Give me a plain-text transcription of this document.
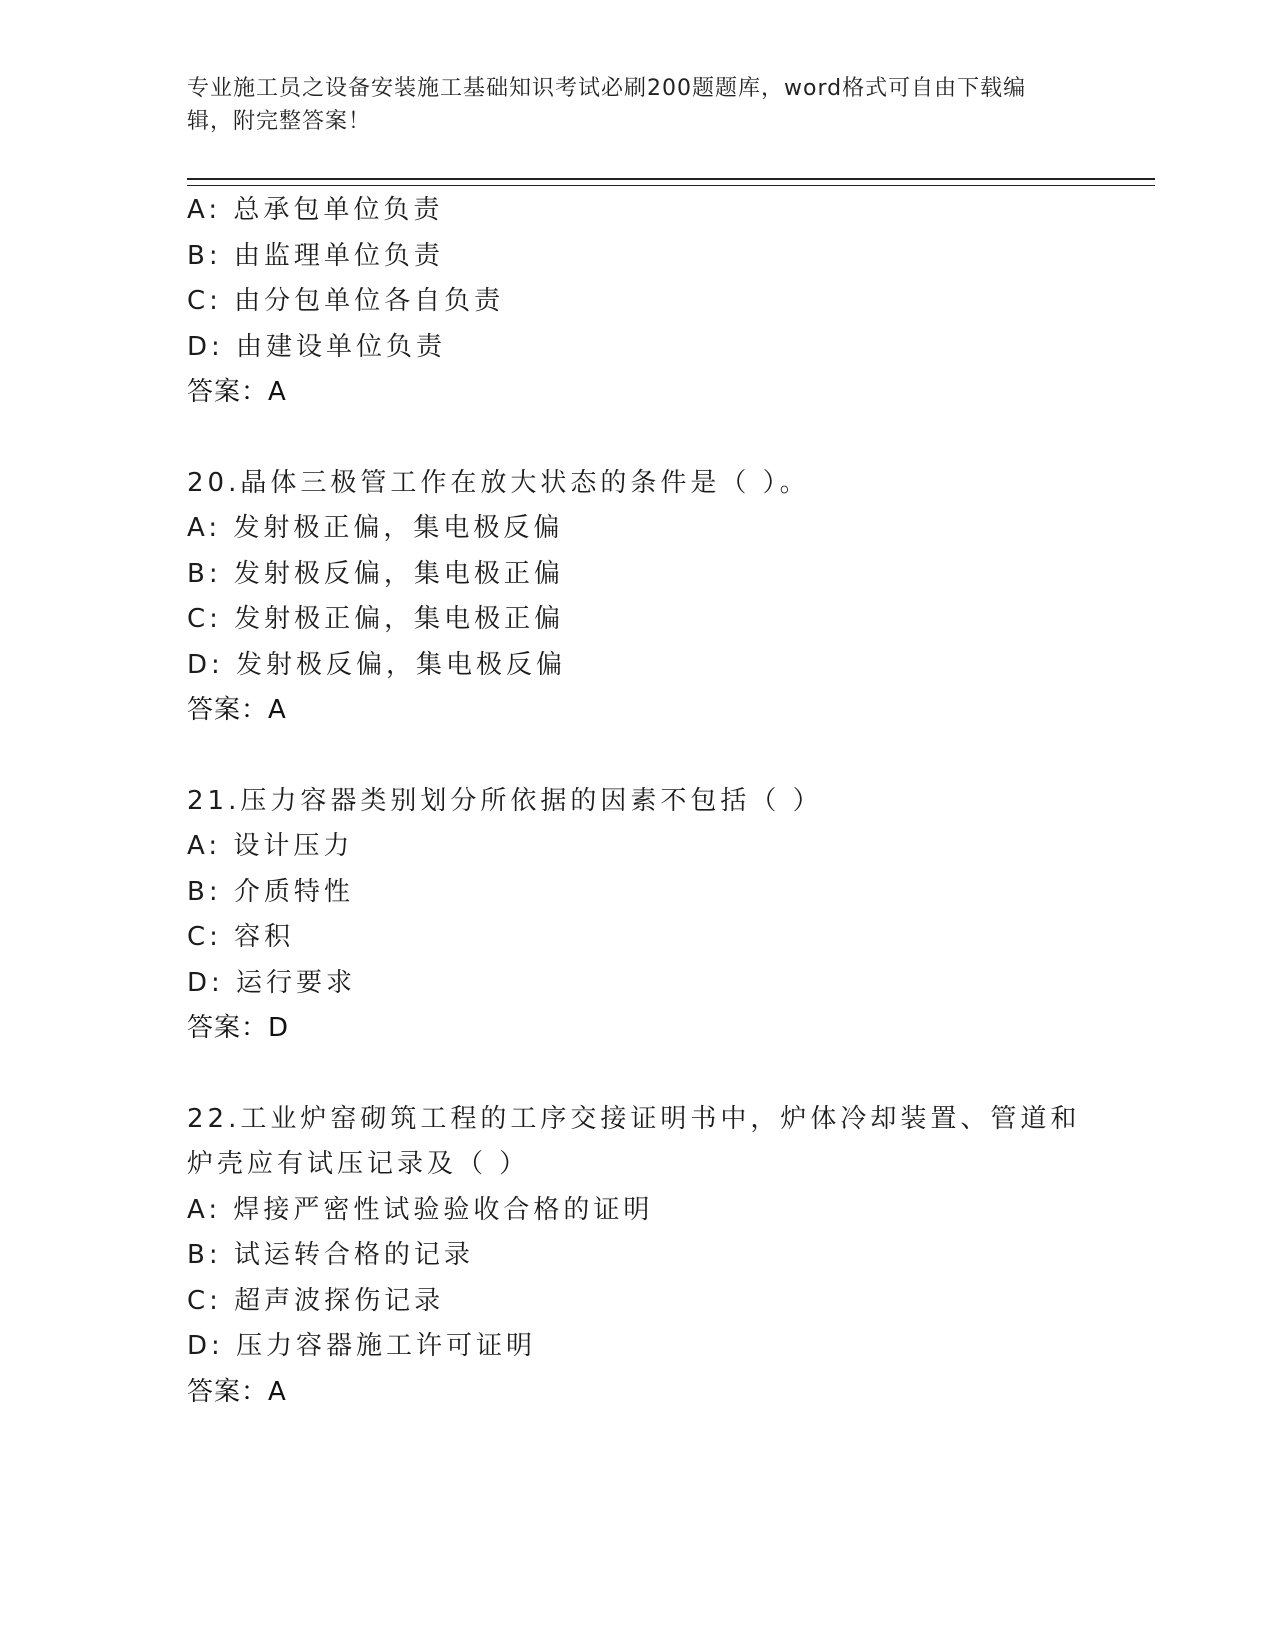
专业施工员之设备安装施工基础知识考试必刷200题题库，word格式可自由下载编辑，附完整答案！
A: 总承包单位负责
B: 由监理单位负责
C: 由分包单位各自负责
D: 由建设单位负责
答案：A
20.晶体三极管工作在放大状态的条件是（ ）。
A: 发射极正偏，集电极反偏
B: 发射极反偏，集电极正偏
C: 发射极正偏，集电极正偏
D: 发射极反偏，集电极反偏
答案：A
21.压力容器类别划分所依据的因素不包括（ ）
A: 设计压力
B: 介质特性
C: 容积
D: 运行要求
答案：D
22.工业炉窑砌筑工程的工序交接证明书中，炉体冷却装置、管道和炉壳应有试压记录及（ ）
A: 焊接严密性试验验收合格的证明
B: 试运转合格的记录
C: 超声波探伤记录
D: 压力容器施工许可证明
答案：A
